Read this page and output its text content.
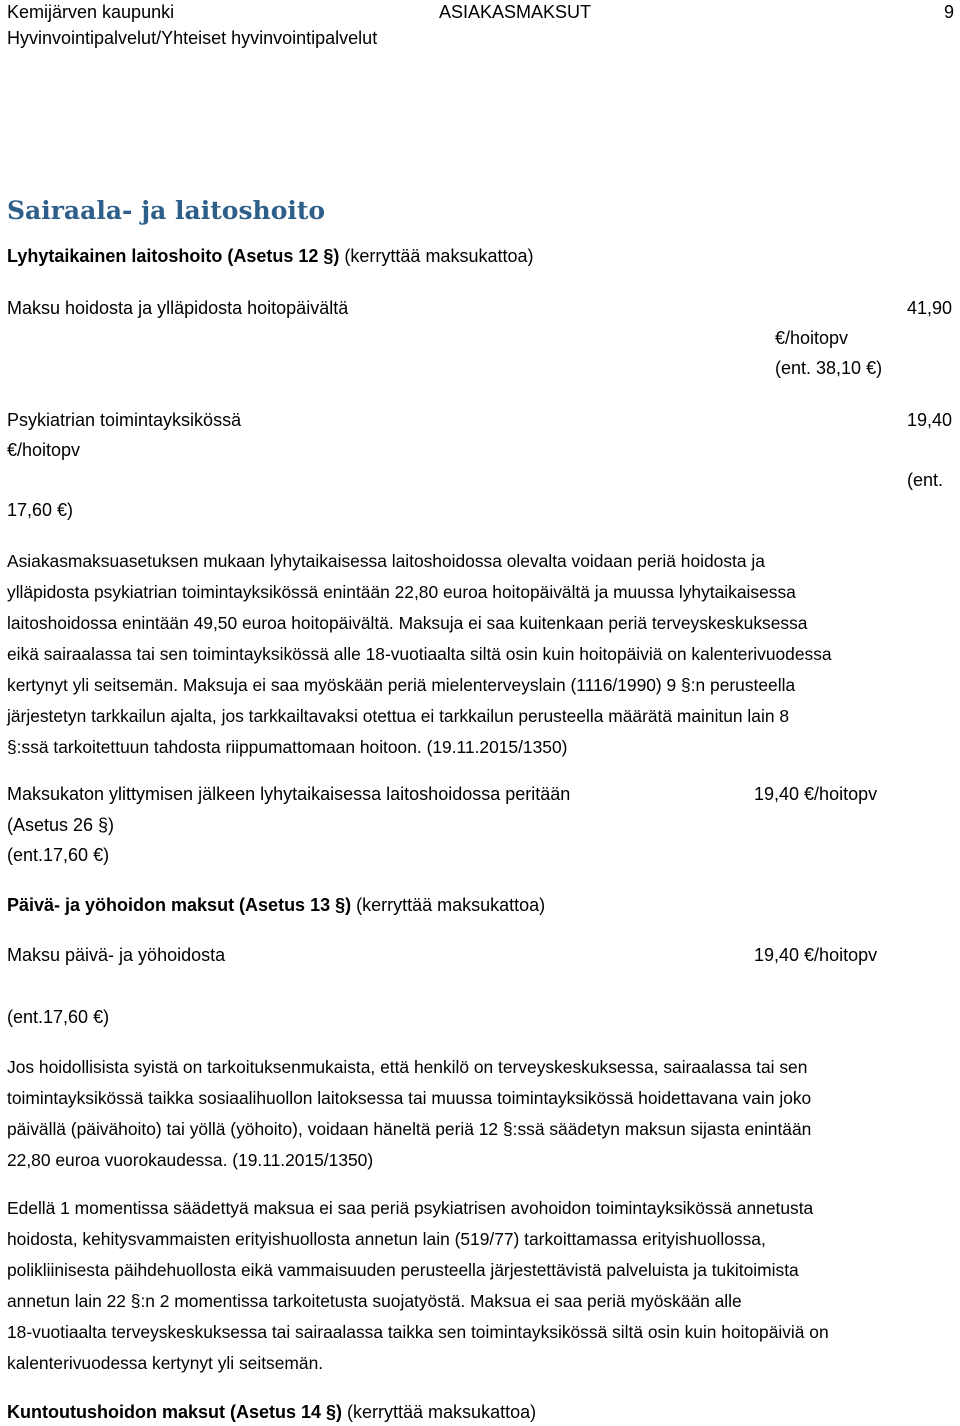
Kemijärven kaupunki	ASIAKASMAKSUT	9
Hyvinvointipalvelut/Yhteiset hyvinvointipalvelut
Sairaala- ja laitoshoito
Lyhytaikainen laitoshoito (Asetus 12 §) (kerryttää maksukattoa)
Maksu hoidosta ja ylläpidosta hoitopäivältä	41,90
€/hoitopv
(ent. 38,10 €)
Psykiatrian toimintayksikössä	19,40
€/hoitopv
(ent.
17,60 €)
Asiakasmaksuasetuksen mukaan lyhytaikaisessa laitoshoidossa olevalta voidaan periä hoidosta ja
ylläpidosta psykiatrian toimintayksikössä enintään 22,80 euroa hoitopäivältä ja muussa lyhytaikaisessa
laitoshoidossa enintään 49,50 euroa hoitopäivältä. Maksuja ei saa kuitenkaan periä terveyskeskuksessa
eikä sairaalassa tai sen toimintayksikössä alle 18-vuotiaalta siltä osin kuin hoitopäiviä on kalenterivuodessa
kertynyt yli seitsemän. Maksuja ei saa myöskään periä mielenterveyslain (1116/1990) 9 §:n perusteella
järjestetyn tarkkailun ajalta, jos tarkkailtavaksi otettua ei tarkkailun perusteella määrätä mainitun lain 8
§:ssä tarkoitettuun tahdosta riippumattomaan hoitoon. (19.11.2015/1350)
Maksukaton ylittymisen jälkeen lyhytaikaisessa laitoshoidossa peritään	19,40 €/hoitopv
(Asetus 26 §)
(ent.17,60 €)
Päivä- ja yöhoidon maksut (Asetus 13 §) (kerryttää maksukattoa)
Maksu päivä- ja yöhoidosta	19,40 €/hoitopv
(ent.17,60 €)
Jos hoidollisista syistä on tarkoituksenmukaista, että henkilö on terveyskeskuksessa, sairaalassa tai sen
toimintayksikössä taikka sosiaalihuollon laitoksessa tai muussa toimintayksikössä hoidettavana vain joko
päivällä (päivähoito) tai yöllä (yöhoito), voidaan häneltä periä 12 §:ssä säädetyn maksun sijasta enintään
22,80 euroa vuorokaudessa. (19.11.2015/1350)
Edellä 1 momentissa säädettyä maksua ei saa periä psykiatrisen avohoidon toimintayksikössä annetusta
hoidosta, kehitysvammaisten erityishuollosta annetun lain (519/77) tarkoittamassa erityishuollossa,
polikliinisesta päihdehuollosta eikä vammaisuuden perusteella järjestettävistä palveluista ja tukitoimista
annetun lain 22 §:n 2 momentissa tarkoitetusta suojatyöstä. Maksua ei saa periä myöskään alle
18-vuotiaalta terveyskeskuksessa tai sairaalassa taikka sen toimintayksikössä siltä osin kuin hoitopäiviä on
kalenterivuodessa kertynyt yli seitsemän.
Kuntoutushoidon maksut (Asetus 14 §) (kerryttää maksukattoa)
